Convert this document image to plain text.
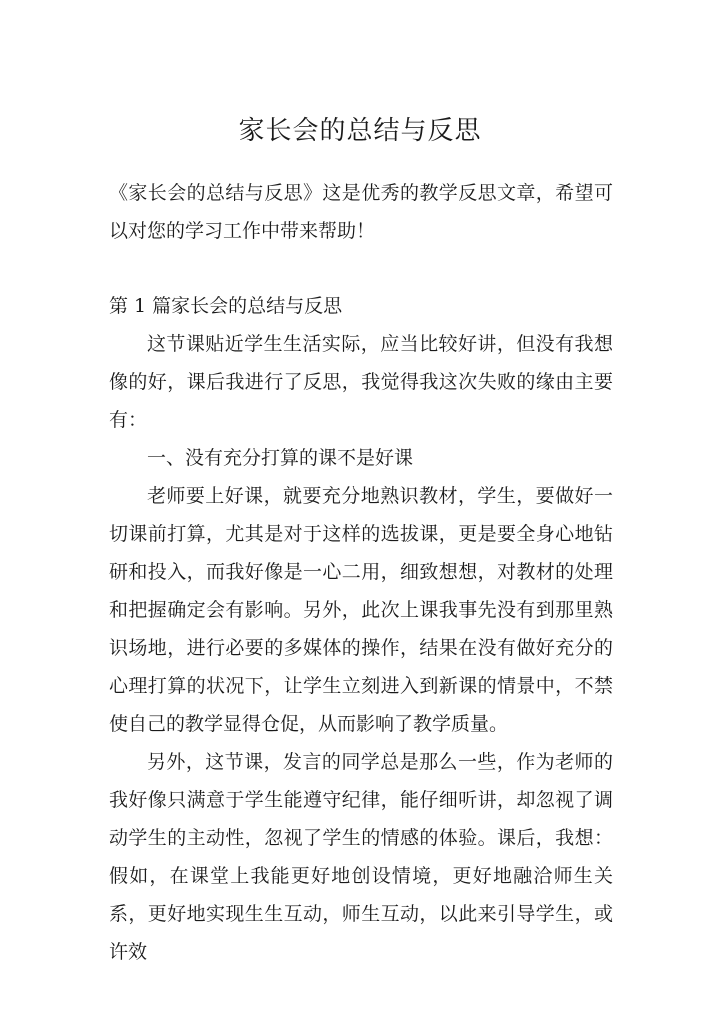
家长会的总结与反思

《家长会的总结与反思》这是优秀的教学反思文章，希望可以对您的学习工作中带来帮助！

第 1 篇家长会的总结与反思

这节课贴近学生生活实际，应当比较好讲，但没有我想像的好，课后我进行了反思，我觉得我这次失败的缘由主要有：

一、没有充分打算的课不是好课

老师要上好课，就要充分地熟识教材，学生，要做好一切课前打算，尤其是对于这样的选拔课，更是要全身心地钻研和投入，而我好像是一心二用，细致想想，对教材的处理和把握确定会有影响。另外，此次上课我事先没有到那里熟识场地，进行必要的多媒体的操作，结果在没有做好充分的心理打算的状况下，让学生立刻进入到新课的情景中，不禁使自己的教学显得仓促，从而影响了教学质量。

另外，这节课，发言的同学总是那么一些，作为老师的我好像只满意于学生能遵守纪律，能仔细听讲，却忽视了调动学生的主动性，忽视了学生的情感的体验。课后，我想：假如，在课堂上我能更好地创设情境，更好地融洽师生关系，更好地实现生生互动，师生互动，以此来引导学生，或许效
